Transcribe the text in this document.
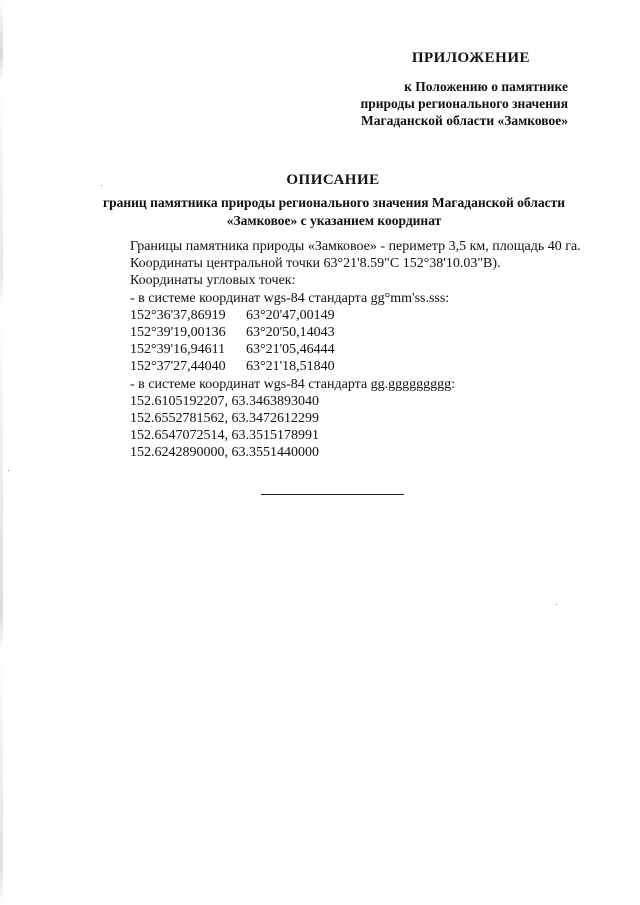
ПРИЛОЖЕНИЕ
к Положению о памятнике
природы регионального значения
Магаданской области «Замковое»
ОПИСАНИЕ
границ памятника природы регионального значения Магаданской области «Замковое» с указанием координат

Границы памятника природы «Замковое» - периметр 3,5 км, площадь 40 га.

Координаты центральной точки 63°21'8.59"С 152°38'10.03"В).

Координаты угловых точек:

- в системе координат wgs-84 стандарта gg°mm'ss.sss:

152°36'37,86919 63°20'47,00149

152°39'19,00136 63°20'50,14043

152°39'16,94611 63°21'05,46444

152°37'27,44040 63°21'18,51840

- в системе координат wgs-84 стандарта gg.ggggggggg:

152.6105192207, 63.3463893040

152.6552781562, 63.3472612299

152.6547072514, 63.3515178991

152.6242890000, 63.3551440000
